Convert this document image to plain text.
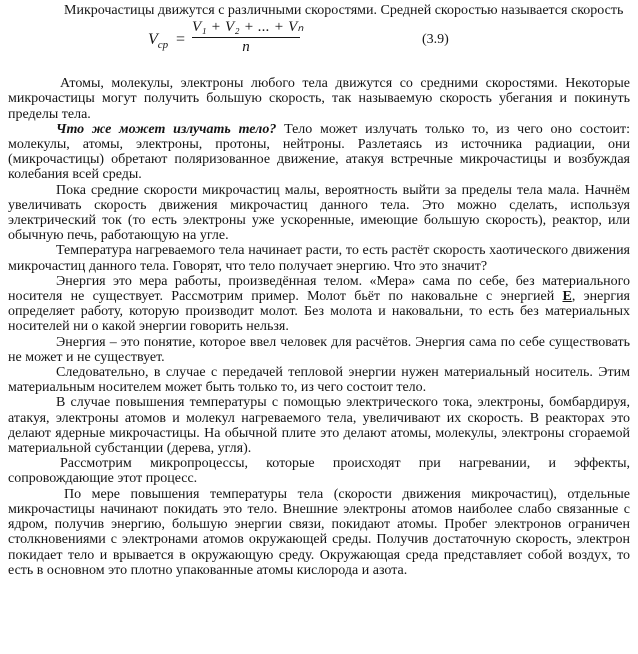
Микрочастицы движутся с различными скоростями. Средней скоростью называется скорость

$V_{ср} = \frac{\text{V₁ + V₂ + ... + Vₙ}}{n}$	(3.9)

Атомы, молекулы, электроны любого тела движутся со средними скоростями. Некоторые микрочастицы могут получить большую скорость, так называемую скорость убегания и покинуть пределы тела.

Что же может излучать тело? Тело может излучать только то, из чего оно состоит: молекулы, атомы, электроны, протоны, нейтроны. Разлетаясь из источника радиации, они (микрочастицы) обретают поляризованное движение, атакуя встречные микрочастицы и возбуждая колебания всей среды.

Пока средние скорости микрочастиц малы, вероятность выйти за пределы тела мала. Начнём увеличивать скорость движения микрочастиц данного тела. Это можно сделать, используя электрический ток (то есть электроны уже ускоренные, имеющие большую скорость), реактор, или обычную печь, работающую на угле.

Температура нагреваемого тела начинает расти, то есть растёт скорость хаотического движения микрочастиц данного тела. Говорят, что тело получает энергию. Что это значит?

Энергия это мера работы, произведённая телом. «Мера» сама по себе, без материального носителя не существует. Рассмотрим пример. Молот бьёт по наковальне с энергией Е, энергия определяет работу, которую производит молот. Без молота и наковальни, то есть без материальных носителей ни о какой энергии говорить нельзя.

Энергия – это понятие, которое ввел человек для расчётов. Энергия сама по себе существовать не может и не существует.

Следовательно, в случае с передачей тепловой энергии нужен материальный носитель. Этим материальным носителем может быть только то, из чего состоит тело.

В случае повышения температуры с помощью электрического тока, электроны, бомбардируя, атакуя, электроны атомов и молекул нагреваемого тела, увеличивают их скорость. В реакторах это делают ядерные микрочастицы. На обычной плите это делают атомы, молекулы, электроны сгораемой материальной субстанции (дерева, угля).

Рассмотрим микропроцессы, которые происходят при нагревании, и эффекты, сопровождающие этот процесс.

По мере повышения температуры тела (скорости движения микрочастиц), отдельные микрочастицы начинают покидать это тело. Внешние электроны атомов наиболее слабо связанные с ядром, получив энергию, большую энергии связи, покидают атомы. Пробег электронов ограничен столкновениями с электронами атомов окружающей среды. Получив достаточную скорость, электрон покидает тело и врывается в окружающую среду. Окружающая среда представляет собой воздух, то есть в основном это плотно упакованные атомы кислорода и азота.
